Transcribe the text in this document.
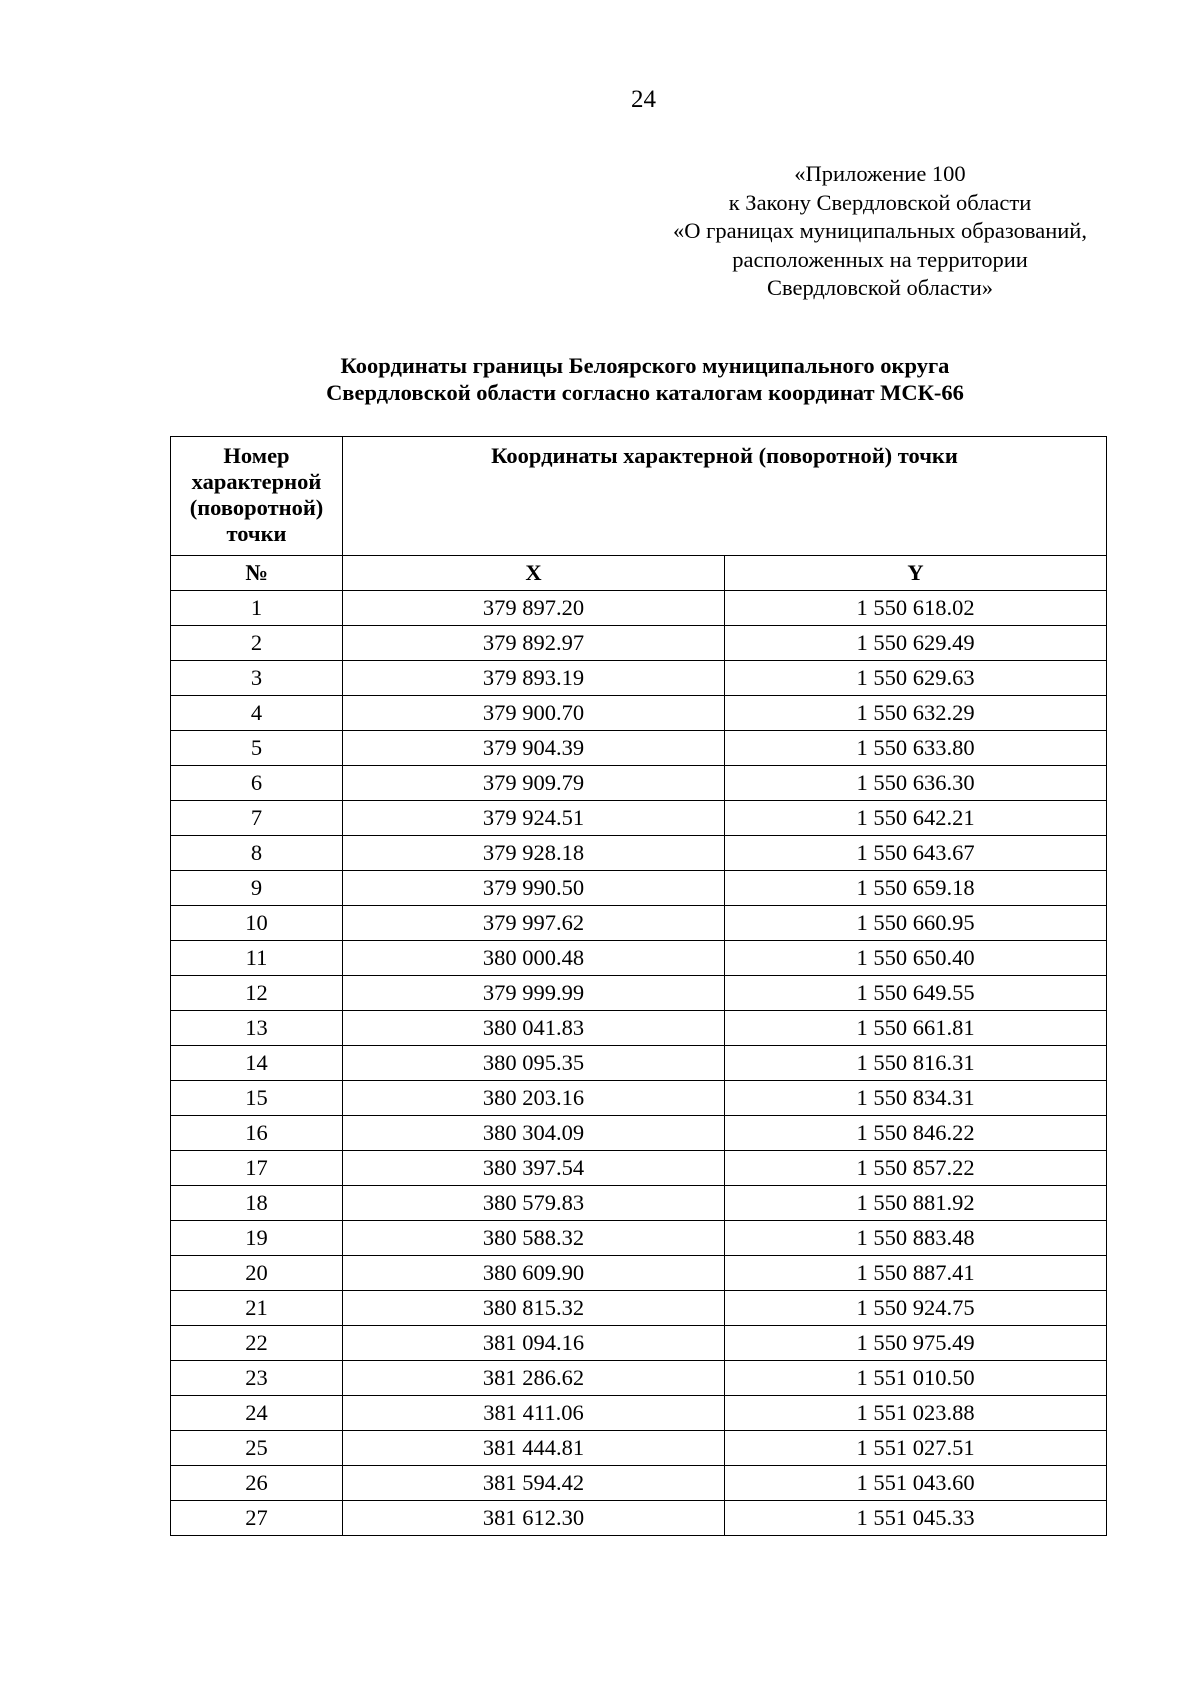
24
«Приложение 100
к Закону Свердловской области
«О границах муниципальных образований,
расположенных на территории
Свердловской области»
Координаты границы Белоярского муниципального округа
Свердловской области согласно каталогам координат МСК-66
Номер
характерной
(поворотной)
точки	Координаты характерной (поворотной) точки	
№	X	Y
1	379 897.20	1 550 618.02
2	379 892.97	1 550 629.49
3	379 893.19	1 550 629.63
4	379 900.70	1 550 632.29
5	379 904.39	1 550 633.80
6	379 909.79	1 550 636.30
7	379 924.51	1 550 642.21
8	379 928.18	1 550 643.67
9	379 990.50	1 550 659.18
10	379 997.62	1 550 660.95
11	380 000.48	1 550 650.40
12	379 999.99	1 550 649.55
13	380 041.83	1 550 661.81
14	380 095.35	1 550 816.31
15	380 203.16	1 550 834.31
16	380 304.09	1 550 846.22
17	380 397.54	1 550 857.22
18	380 579.83	1 550 881.92
19	380 588.32	1 550 883.48
20	380 609.90	1 550 887.41
21	380 815.32	1 550 924.75
22	381 094.16	1 550 975.49
23	381 286.62	1 551 010.50
24	381 411.06	1 551 023.88
25	381 444.81	1 551 027.51
26	381 594.42	1 551 043.60
27	381 612.30	1 551 045.33
